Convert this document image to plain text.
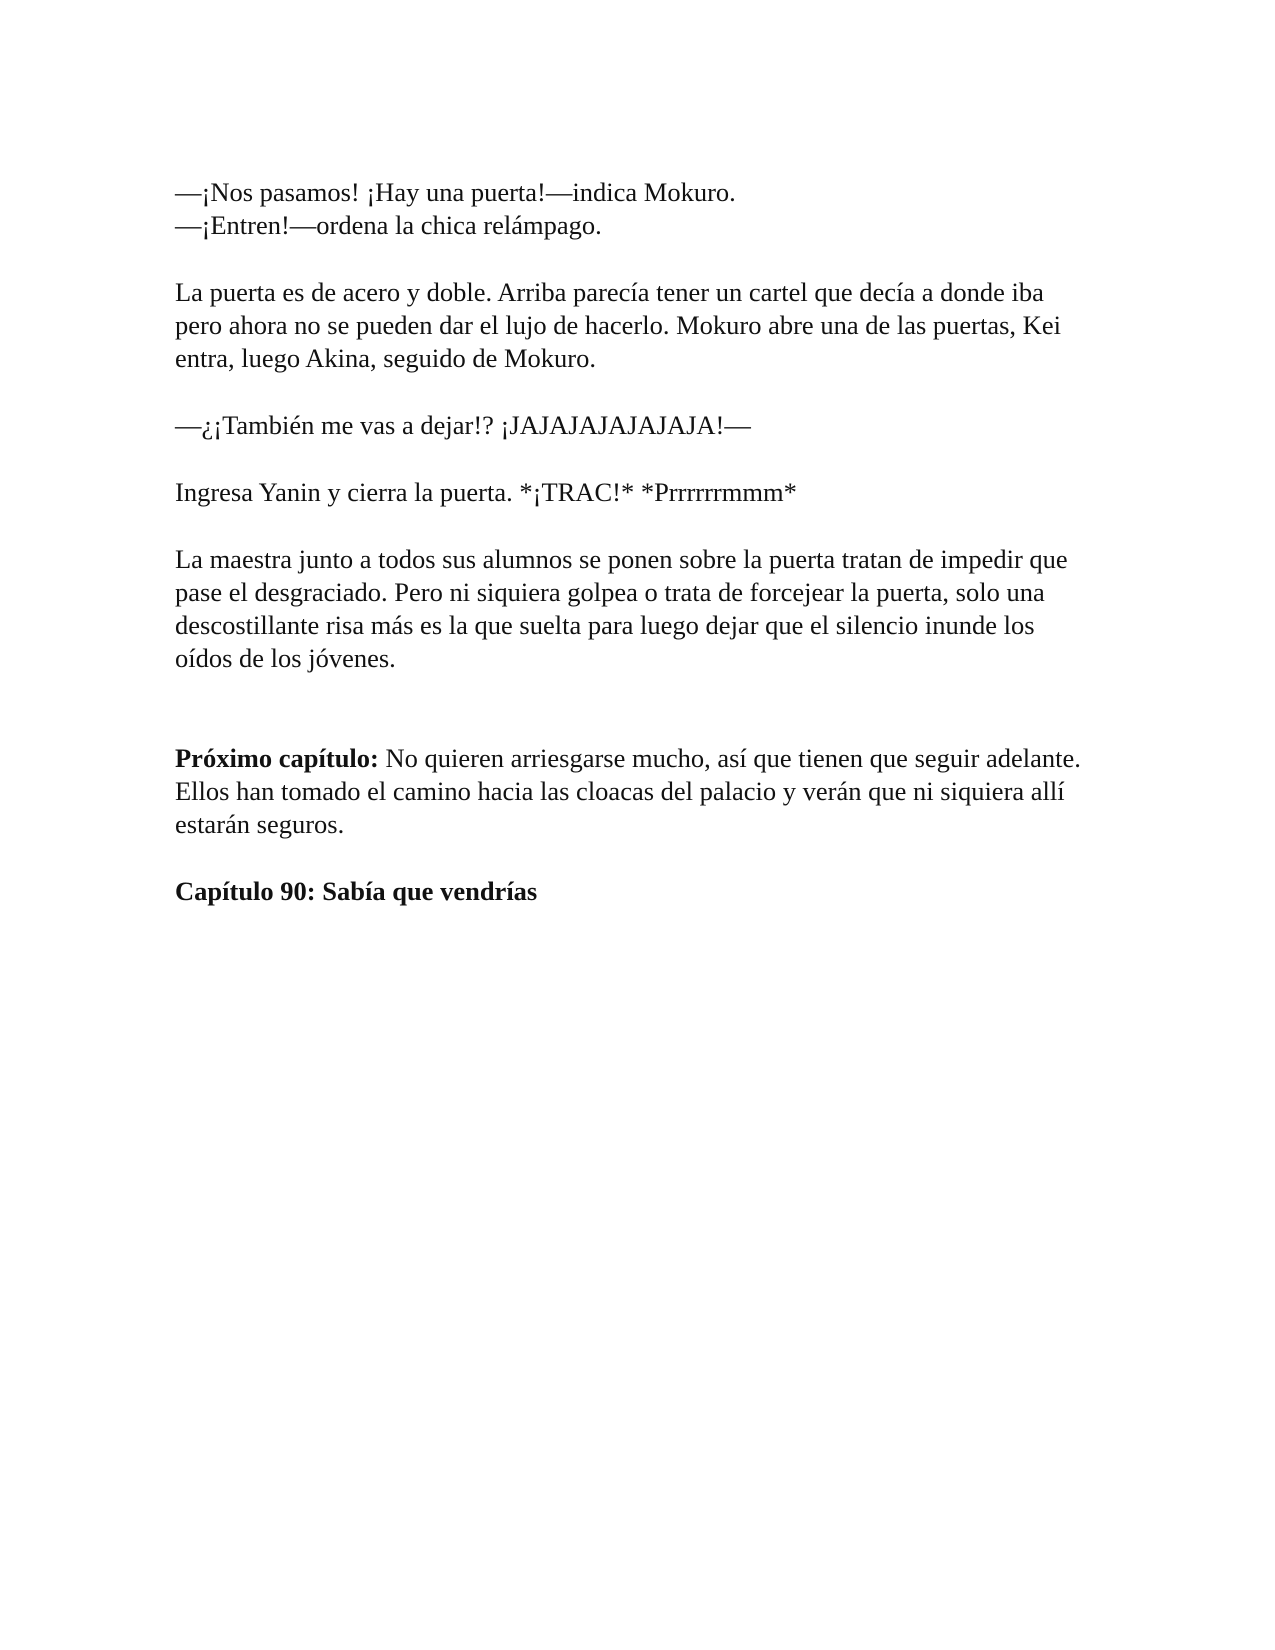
—¡Nos pasamos! ¡Hay una puerta!—indica Mokuro.

—¡Entren!—ordena la chica relámpago.

La puerta es de acero y doble. Arriba parecía tener un cartel que decía a donde iba pero ahora no se pueden dar el lujo de hacerlo. Mokuro abre una de las puertas, Kei entra, luego Akina, seguido de Mokuro.

—¿¡También me vas a dejar!? ¡JAJAJAJAJAJAJA!—

Ingresa Yanin y cierra la puerta. *¡TRAC!* *Prrrrrrmmm*

La maestra junto a todos sus alumnos se ponen sobre la puerta tratan de impedir que pase el desgraciado. Pero ni siquiera golpea o trata de forcejear la puerta, solo una descostillante risa más es la que suelta para luego dejar que el silencio inunde los oídos de los jóvenes.

Próximo capítulo: No quieren arriesgarse mucho, así que tienen que seguir adelante. Ellos han tomado el camino hacia las cloacas del palacio y verán que ni siquiera allí estarán seguros.

Capítulo 90: Sabía que vendrías
